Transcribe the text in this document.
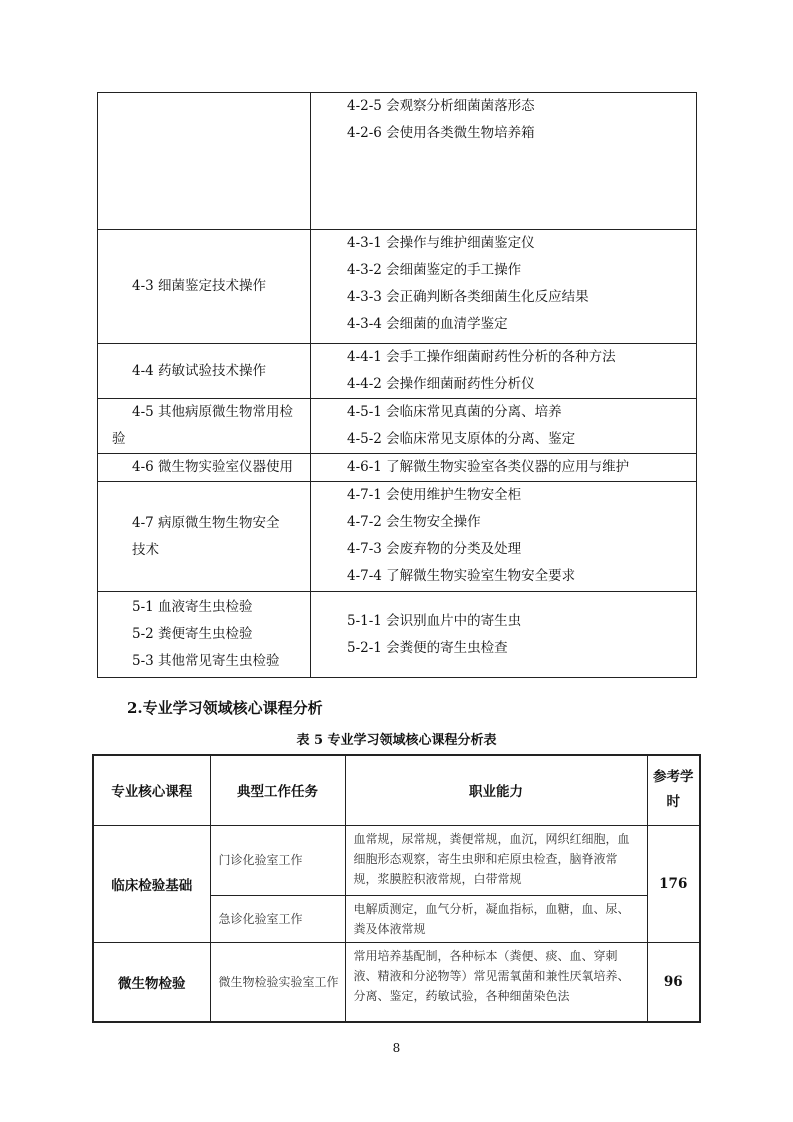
	4-2-5 会观察分析细菌菌落形态
4-2-6 会使用各类微生物培养箱

4-3 细菌鉴定技术操作	4-3-1 会操作与维护细菌鉴定仪
4-3-2 会细菌鉴定的手工操作
4-3-3 会正确判断各类细菌生化反应结果
4-3-4 会细菌的血清学鉴定

4-4 药敏试验技术操作	4-4-1 会手工操作细菌耐药性分析的各种方法
4-4-2 会操作细菌耐药性分析仪

4-5 其他病原微生物常用检
验	4-5-1 会临床常见真菌的分离、培养
4-5-2 会临床常见支原体的分离、鉴定

4-6 微生物实验室仪器使用	4-6-1 了解微生物实验室各类仪器的应用与维护

4-7 病原微生物生物安全
技术	4-7-1 会使用维护生物安全柜
4-7-2 会生物安全操作
4-7-3 会废弃物的分类及处理
4-7-4 了解微生物实验室生物安全要求

5-1 血液寄生虫检验
5-2 粪便寄生虫检验
5-3 其他常见寄生虫检验	5-1-1 会识别血片中的寄生虫
5-2-1 会粪便的寄生虫检查
2.专业学习领域核心课程分析
表 5 专业学习领域核心课程分析表
专业核心课程	典型工作任务	职业能力	参考学
时

临床检验基础	门诊化验室工作	血常规，尿常规，粪便常规，血沉，网织红细胞，血细胞形态观察，寄生虫卵和疟原虫检查，脑脊液常规，浆膜腔积液常规，白带常规	176
	急诊化验室工作	电解质测定，血气分析，凝血指标，血糖，血、尿、粪及体液常规	
微生物检验	微生物检验实验室工作	常用培养基配制，各种标本（粪便、痰、血、穿刺液、精液和分泌物等）常见需氧菌和兼性厌氧培养、分离、鉴定，药敏试验，各种细菌染色法	96
8
